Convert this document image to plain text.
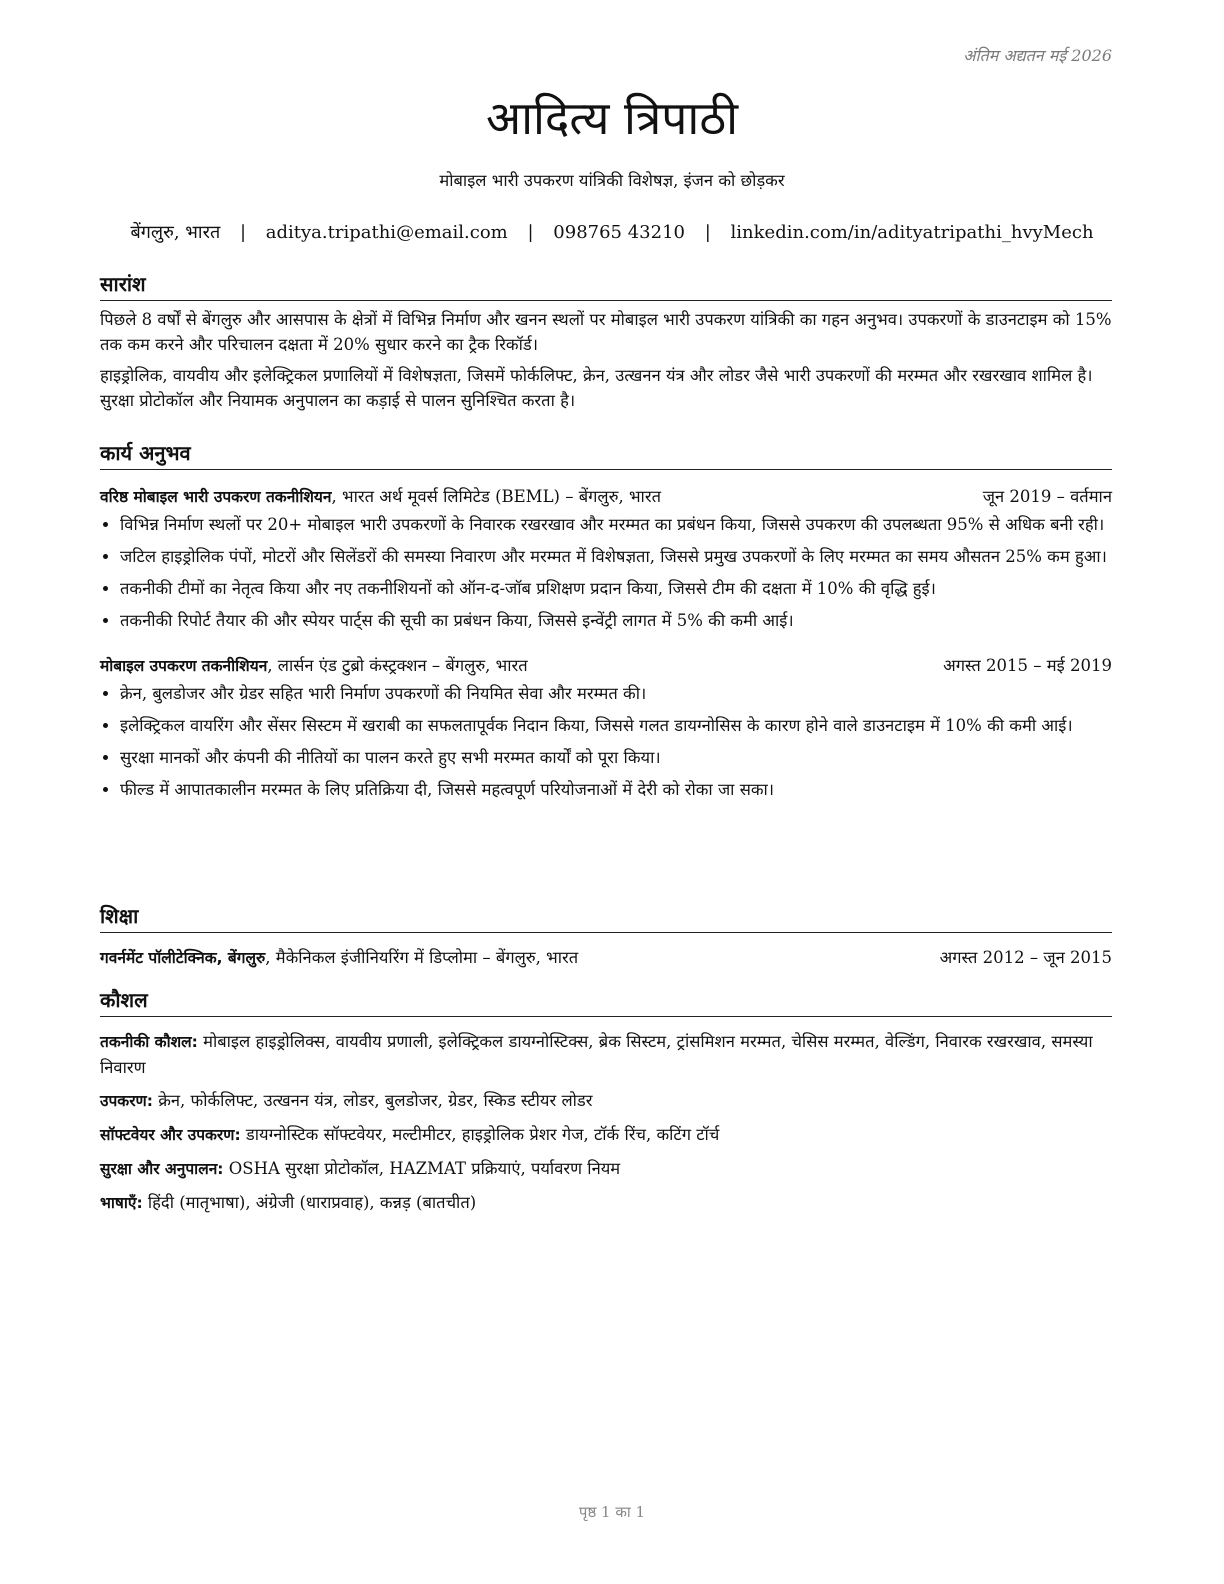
अंतिम अद्यतन मई 2026
आदित्य त्रिपाठी
मोबाइल भारी उपकरण यांत्रिकी विशेषज्ञ, इंजन को छोड़कर
बेंगलुरु, भारत | aditya.tripathi@email.com | 098765 43210 | linkedin.com/in/adityatripathi_hvyMech
सारांश

पिछले 8 वर्षों से बेंगलुरु और आसपास के क्षेत्रों में विभिन्न निर्माण और खनन स्थलों पर मोबाइल भारी उपकरण यांत्रिकी का गहन अनुभव। उपकरणों के डाउनटाइम को 15% तक कम करने और परिचालन दक्षता में 20% सुधार करने का ट्रैक रिकॉर्ड।

हाइड्रोलिक, वायवीय और इलेक्ट्रिकल प्रणालियों में विशेषज्ञता, जिसमें फोर्कलिफ्ट, क्रेन, उत्खनन यंत्र और लोडर जैसे भारी उपकरणों की मरम्मत और रखरखाव शामिल है। सुरक्षा प्रोटोकॉल और नियामक अनुपालन का कड़ाई से पालन सुनिश्चित करता है।

कार्य अनुभव
वरिष्ठ मोबाइल भारी उपकरण तकनीशियन, भारत अर्थ मूवर्स लिमिटेड (BEML) – बेंगलुरु, भारत	जून 2019 – वर्तमान
• विभिन्न निर्माण स्थलों पर 20+ मोबाइल भारी उपकरणों के निवारक रखरखाव और मरम्मत का प्रबंधन किया, जिससे उपकरण की उपलब्धता 95% से अधिक बनी रही।
• जटिल हाइड्रोलिक पंपों, मोटरों और सिलेंडरों की समस्या निवारण और मरम्मत में विशेषज्ञता, जिससे प्रमुख उपकरणों के लिए मरम्मत का समय औसतन 25% कम हुआ।
• तकनीकी टीमों का नेतृत्व किया और नए तकनीशियनों को ऑन-द-जॉब प्रशिक्षण प्रदान किया, जिससे टीम की दक्षता में 10% की वृद्धि हुई।
• तकनीकी रिपोर्ट तैयार की और स्पेयर पार्ट्स की सूची का प्रबंधन किया, जिससे इन्वेंट्री लागत में 5% की कमी आई।
मोबाइल उपकरण तकनीशियन, लार्सन एंड टुब्रो कंस्ट्रक्शन – बेंगलुरु, भारत	अगस्त 2015 – मई 2019
• क्रेन, बुलडोजर और ग्रेडर सहित भारी निर्माण उपकरणों की नियमित सेवा और मरम्मत की।
• इलेक्ट्रिकल वायरिंग और सेंसर सिस्टम में खराबी का सफलतापूर्वक निदान किया, जिससे गलत डायग्नोसिस के कारण होने वाले डाउनटाइम में 10% की कमी आई।
• सुरक्षा मानकों और कंपनी की नीतियों का पालन करते हुए सभी मरम्मत कार्यों को पूरा किया।
• फील्ड में आपातकालीन मरम्मत के लिए प्रतिक्रिया दी, जिससे महत्वपूर्ण परियोजनाओं में देरी को रोका जा सका।
शिक्षा
गवर्नमेंट पॉलीटेक्निक, बेंगलुरु, मैकेनिकल इंजीनियरिंग में डिप्लोमा – बेंगलुरु, भारत	अगस्त 2012 – जून 2015
कौशल
तकनीकी कौशल: मोबाइल हाइड्रोलिक्स, वायवीय प्रणाली, इलेक्ट्रिकल डायग्नोस्टिक्स, ब्रेक सिस्टम, ट्रांसमिशन मरम्मत, चेसिस मरम्मत, वेल्डिंग, निवारक रखरखाव, समस्या निवारण
उपकरण: क्रेन, फोर्कलिफ्ट, उत्खनन यंत्र, लोडर, बुलडोजर, ग्रेडर, स्किड स्टीयर लोडर
सॉफ्टवेयर और उपकरण: डायग्नोस्टिक सॉफ्टवेयर, मल्टीमीटर, हाइड्रोलिक प्रेशर गेज, टॉर्क रिंच, कटिंग टॉर्च
सुरक्षा और अनुपालन: OSHA सुरक्षा प्रोटोकॉल, HAZMAT प्रक्रियाएं, पर्यावरण नियम
भाषाएँ: हिंदी (मातृभाषा), अंग्रेजी (धाराप्रवाह), कन्नड़ (बातचीत)
पृष्ठ 1 का 1
